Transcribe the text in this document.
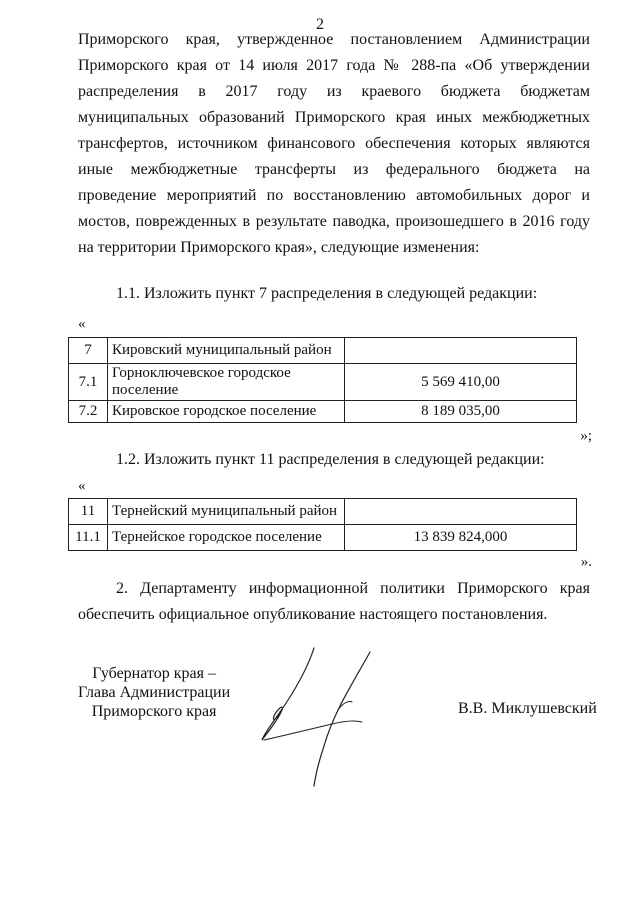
2
Приморского края, утвержденное постановлением Администрации Приморского края от 14 июля 2017 года № 288-па «Об утверждении распределения в 2017 году из краевого бюджета бюджетам муниципальных образований Приморского края иных межбюджетных трансфертов, источником финансового обеспечения которых являются иные межбюджетные трансферты из федерального бюджета на проведение мероприятий по восстановлению автомобильных дорог и мостов, поврежденных в результате паводка, произошедшего в 2016 году на территории Приморского края», следующие изменения:
1.1. Изложить пункт 7 распределения в следующей редакции:
«
7	Кировский муниципальный район	
7.1	Горноключевское городское поселение	5 569 410,00
7.2	Кировское городское поселение	8 189 035,00
»;
1.2. Изложить пункт 11 распределения в следующей редакции:
«
11	Тернейский муниципальный район	
11.1	Тернейское городское поселение	13 839 824,000
».
2. Департаменту информационной политики Приморского края обеспечить официальное опубликование настоящего постановления.
Губернатор края –
Глава Администрации
Приморского края	В.В. Миклушевский
